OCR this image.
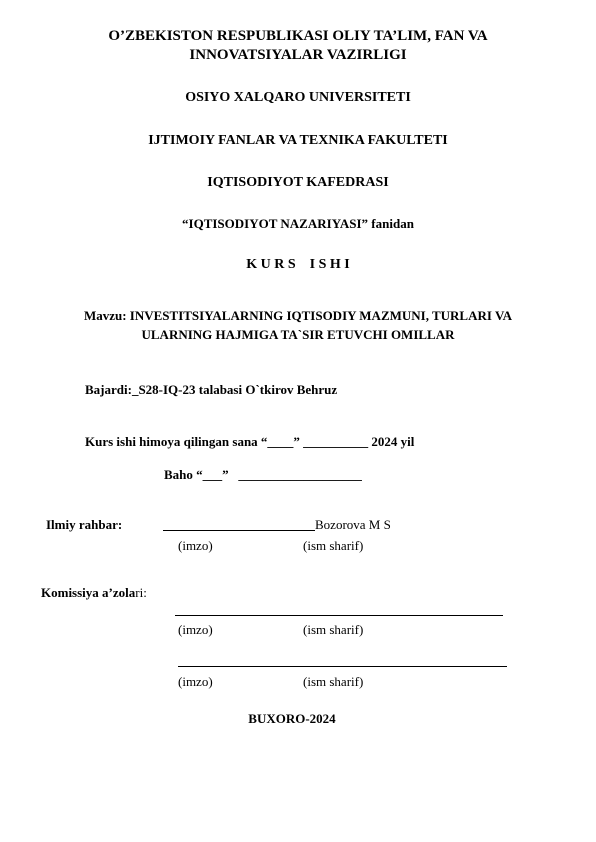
O’ZBEKISTON RESPUBLIKASI OLIY TA’LIM, FAN VA
INNOVATSIYALAR VAZIRLIGI
OSIYO XALQARO UNIVERSITETI
IJTIMOIY FANLAR VA TEXNIKA FAKULTETI
IQTISODIYOT KAFEDRASI
“IQTISODIYOT NAZARIYASI” fanidan
K U R S    I S H I
Mavzu: INVESTITSIYALARNING IQTISODIY MAZMUNI, TURLARI VA
ULARNING HAJMIGA TA`SIR ETUVCHI OMILLAR
Bajardi:_S28-IQ-23 talabasi O`tkirov Behruz
Kurs ishi himoya qilingan sana “____” __________ 2024 yil
Baho “___”   ___________________
Ilmiy rahbar:	Bozorova M S
(imzo)	(ism sharif)
Komissiya a’zolari:
(imzo)	(ism sharif)
(imzo)	(ism sharif)
BUXORO-2024
